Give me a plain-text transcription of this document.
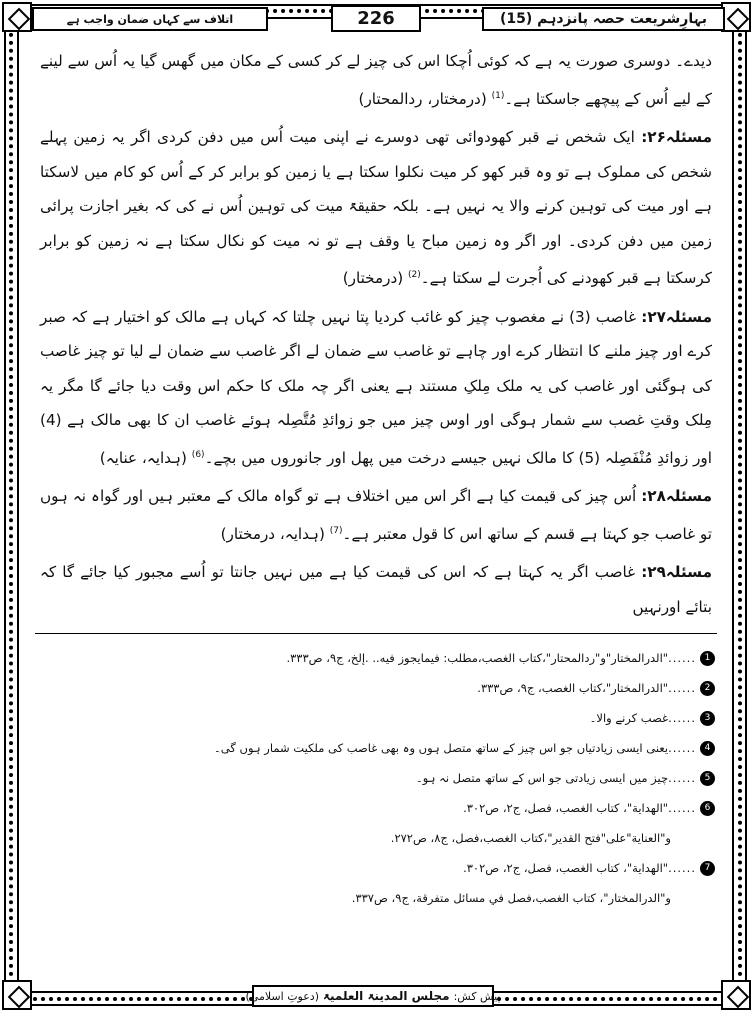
بہارِشریعت حصہ پانزدہم (15)
226
اتلاف سے کہاں ضمان واجب ہے

دیدے۔ دوسری صورت یہ ہے کہ کوئی اُچکا اس کی چیز لے کر کسی کے مکان میں گھس گیا یہ اُس سے لینے کے لیے اُس کے پیچھے جاسکتا ہے۔$^{(1)}$ (درمختار، ردالمحتار)

مسئلہ۲۶: ایک شخص نے قبر کھودوائی تھی دوسرے نے اپنی میت اُس میں دفن کردی اگر یہ زمین پہلے شخص کی مملوک ہے تو وہ قبر کھو کر میت نکلوا سکتا ہے یا زمین کو برابر کر کے اُس کو کام میں لاسکتا ہے اور میت کی توہین کرنے والا یہ نہیں ہے۔ بلکہ حقیقۃً میت کی توہین اُس نے کی کہ بغیر اجازت پرائی زمین میں دفن کردی۔ اور اگر وہ زمین مباح یا وقف ہے تو نہ میت کو نکال سکتا ہے نہ زمین کو برابر کرسکتا ہے قبر کھودنے کی اُجرت لے سکتا ہے۔$^{(2)}$ (درمختار)

مسئلہ۲۷: غاصب (3) نے مغصوب چیز کو غائب کردیا پتا نہیں چلتا کہ کہاں ہے مالک کو اختیار ہے کہ صبر کرے اور چیز ملنے کا انتظار کرے اور چاہے تو غاصب سے ضمان لے اگر غاصب سے ضمان لے لیا تو چیز غاصب کی ہوگئی اور غاصب کی یہ ملک مِلکِ مستند ہے یعنی اگر چہ ملک کا حکم اس وقت دیا جائے گا مگر یہ مِلک وقتِ غصب سے شمار ہوگی اور اوس چیز میں جو زوائدِ مُتَّصِلہ ہوئے غاصب ان کا بھی مالک ہے (4) اور زوائدِ مُنْفَصِلہ (5) کا مالک نہیں جیسے درخت میں پھل اور جانوروں میں بچے۔$^{(6)}$ (ہدایہ، عنایہ)

مسئلہ۲۸: اُس چیز کی قیمت کیا ہے اگر اس میں اختلاف ہے تو گواہ مالک کے معتبر ہیں اور گواہ نہ ہوں تو غاصب جو کہتا ہے قسم کے ساتھ اس کا قول معتبر ہے۔$^{(7)}$ (ہدایہ، درمختار)

مسئلہ۲۹: غاصب اگر یہ کہتا ہے کہ اس کی قیمت کیا ہے میں نہیں جانتا تو اُسے مجبور کیا جائے گا کہ بتائے اورنہیں

1
......
"الدرالمختار"و"ردالمحتار"،كتاب الغصب،مطلب: فيمايجوز فيه.. .إلخ، ج۹، ص۳۳۳.
2
......
"الدرالمختار"،كتاب الغصب، ج۹، ص۳۳۳.
3
......
غصب کرنے والا۔
4
......
یعنی ایسی زیادتیاں جو اس چیز کے ساتھ متصل ہوں وہ بھی غاصب کی ملکیت شمار ہوں گی۔
5
......
چیز میں ایسی زیادتی جو اس کے ساتھ متصل نہ ہو۔
6
......
"الهداية"، كتاب الغصب، فصل، ج۲، ص۳۰۲.
و"العناية"على"فتح القدير"،كتاب الغصب،فصل، ج۸، ص۲۷۲.
7
......
"الهداية"، كتاب الغصب، فصل، ج۲، ص۳۰۲.
و"الدرالمختار"، كتاب الغصب،فصل في مسائل متفرقة، ج۹، ص۳۳۷.
پیش کش:
مجلس المدینۃ العلمیۃ
(دعوتِ اسلامی)
